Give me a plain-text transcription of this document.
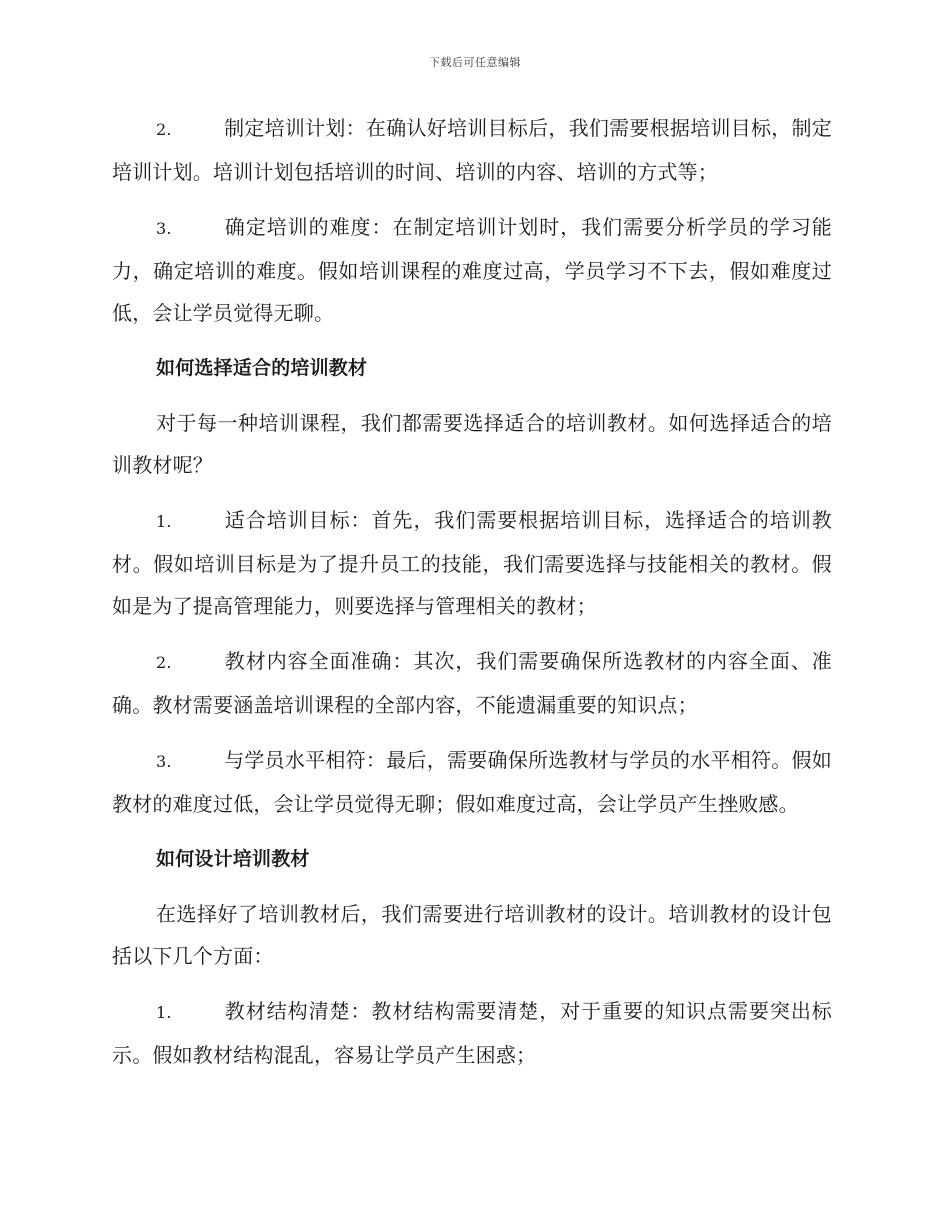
下载后可任意编辑

2.	制定培训计划：在确认好培训目标后，我们需要根据培训目标，制定培训计划。培训计划包括培训的时间、培训的内容、培训的方式等；

3.	确定培训的难度：在制定培训计划时，我们需要分析学员的学习能力，确定培训的难度。假如培训课程的难度过高，学员学习不下去，假如难度过低，会让学员觉得无聊。

如何选择适合的培训教材

对于每一种培训课程，我们都需要选择适合的培训教材。如何选择适合的培训教材呢？

1.	适合培训目标：首先，我们需要根据培训目标，选择适合的培训教材。假如培训目标是为了提升员工的技能，我们需要选择与技能相关的教材。假如是为了提高管理能力，则要选择与管理相关的教材；

2.	教材内容全面准确：其次，我们需要确保所选教材的内容全面、准确。教材需要涵盖培训课程的全部内容，不能遗漏重要的知识点；

3.	与学员水平相符：最后，需要确保所选教材与学员的水平相符。假如教材的难度过低，会让学员觉得无聊；假如难度过高，会让学员产生挫败感。

如何设计培训教材

在选择好了培训教材后，我们需要进行培训教材的设计。培训教材的设计包括以下几个方面：

1.	教材结构清楚：教材结构需要清楚，对于重要的知识点需要突出标示。假如教材结构混乱，容易让学员产生困惑；
